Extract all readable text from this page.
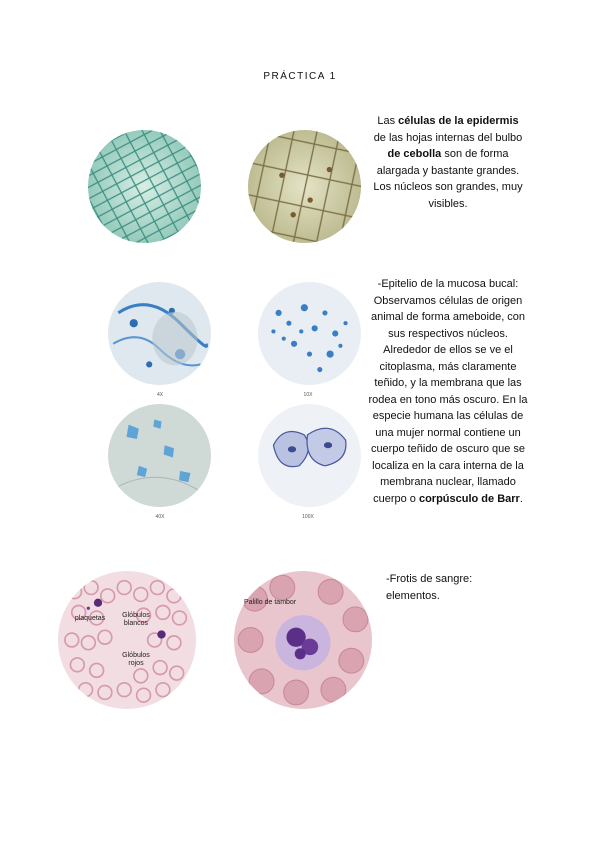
PRÁCTICA 1
Las células de la epidermis
de las hojas internas del bulbo de cebolla son de forma alargada y bastante grandes. Los núcleos son grandes, muy visibles.
4X	10X
40X	100X
-Epitelio de la mucosa bucal: Observamos células de origen animal de forma ameboide, con sus respectivos núcleos. Alrededor de ellos se ve el citoplasma, más claramente teñido, y la membrana que las rodea en tono más oscuro. En la especie humana las células de una mujer normal contiene un cuerpo teñido de oscuro que se localiza en la cara interna de la membrana nuclear, llamado cuerpo o corpúsculo de Barr.
plaquetas	Glóbulos blancos
Glóbulos rojos
Palillo de tambor
-Frotis de sangre: elementos.
